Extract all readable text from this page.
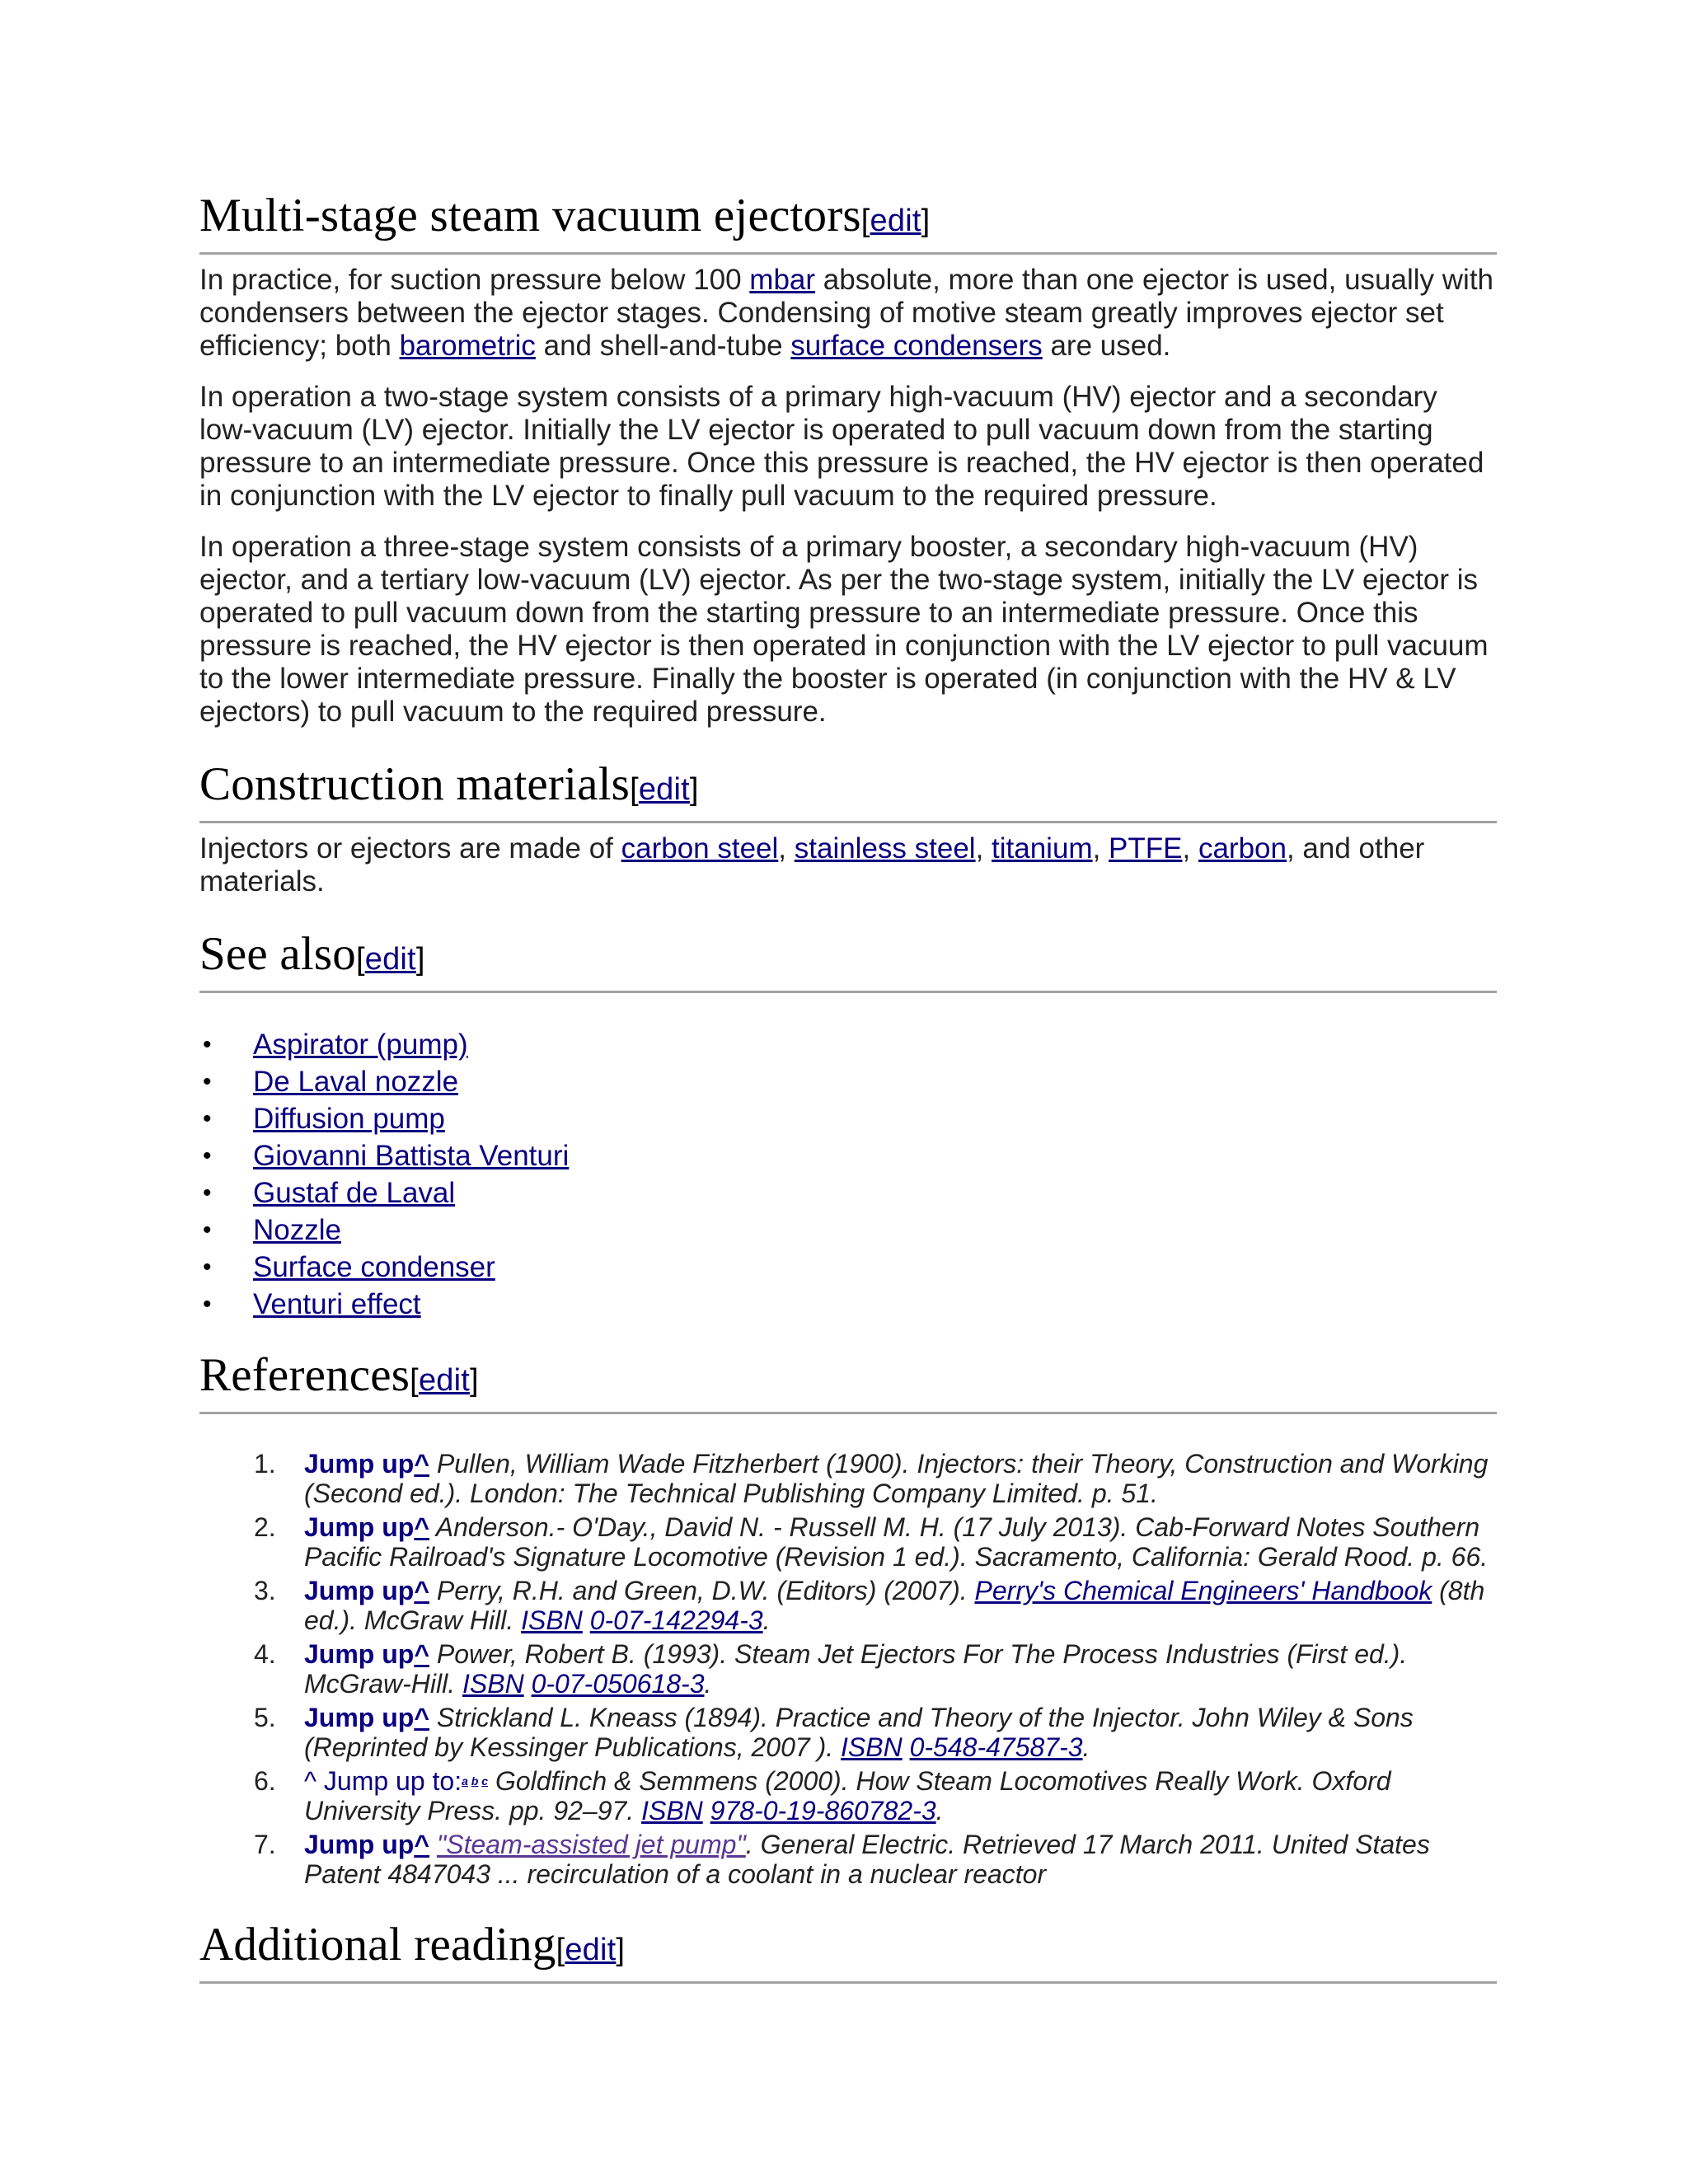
Multi-stage steam vacuum ejectors[edit]

In practice, for suction pressure below 100 mbar absolute, more than one ejector is used, usually with condensers between the ejector stages. Condensing of motive steam greatly improves ejector set efficiency; both barometric and shell-and-tube surface condensers are used.

In operation a two-stage system consists of a primary high-vacuum (HV) ejector and a secondary low-vacuum (LV) ejector. Initially the LV ejector is operated to pull vacuum down from the starting pressure to an intermediate pressure. Once this pressure is reached, the HV ejector is then operated in conjunction with the LV ejector to finally pull vacuum to the required pressure.

In operation a three-stage system consists of a primary booster, a secondary high-vacuum (HV) ejector, and a tertiary low-vacuum (LV) ejector. As per the two-stage system, initially the LV ejector is operated to pull vacuum down from the starting pressure to an intermediate pressure. Once this pressure is reached, the HV ejector is then operated in conjunction with the LV ejector to pull vacuum to the lower intermediate pressure. Finally the booster is operated (in conjunction with the HV & LV ejectors) to pull vacuum to the required pressure.

Construction materials[edit]

Injectors or ejectors are made of carbon steel, stainless steel, titanium, PTFE, carbon, and other materials.

See also[edit]
• Aspirator (pump)
• De Laval nozzle
• Diffusion pump
• Giovanni Battista Venturi
• Gustaf de Laval
• Nozzle
• Surface condenser
• Venturi effect
References[edit]
1. Jump up^ Pullen, William Wade Fitzherbert (1900). Injectors: their Theory, Construction and Working (Second ed.). London: The Technical Publishing Company Limited. p. 51.
2. Jump up^ Anderson.- O'Day., David N. - Russell M. H. (17 July 2013). Cab-Forward Notes Southern Pacific Railroad's Signature Locomotive (Revision 1 ed.). Sacramento, California: Gerald Rood. p. 66.
3. Jump up^ Perry, R.H. and Green, D.W. (Editors) (2007). Perry's Chemical Engineers' Handbook (8th ed.). McGraw Hill. ISBN 0-07-142294-3.
4. Jump up^ Power, Robert B. (1993). Steam Jet Ejectors For The Process Industries (First ed.). McGraw-Hill. ISBN 0-07-050618-3.
5. Jump up^ Strickland L. Kneass (1894). Practice and Theory of the Injector. John Wiley & Sons (Reprinted by Kessinger Publications, 2007 ). ISBN 0-548-47587-3.
6. ^ Jump up to:$^{a b c}$ Goldfinch & Semmens (2000). How Steam Locomotives Really Work. Oxford University Press. pp. 92–97. ISBN 978-0-19-860782-3.
7. Jump up^ "Steam-assisted jet pump". General Electric. Retrieved 17 March 2011. United States Patent 4847043 ... recirculation of a coolant in a nuclear reactor
Additional reading[edit]
